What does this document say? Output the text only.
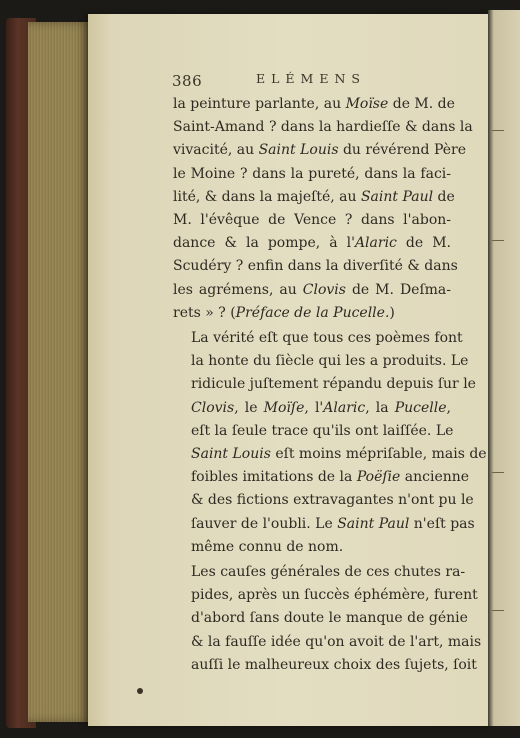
386	ELÉMENS

la peinture parlante, au Moïse de M. de
Saint-Amand ? dans la hardieſſe & dans la
vivacité, au Saint Louis du révérend Père
le Moine ? dans la pureté, dans la faci-
lité, & dans la majeſté, au Saint Paul de
M. l'évêque de Vence ? dans l'abon-
dance & la pompe, à l'Alaric de M.
Scudéry ? enfin dans la diverſité & dans
les agrémens, au Clovis de M. Deſma-
rets » ? (Préface de la Pucelle.)

La vérité eſt que tous ces poèmes font
la honte du ſiècle qui les a produits. Le
ridicule juſtement répandu depuis ſur le
Clovis, le Moïſe, l'Alaric, la Pucelle,
eſt la ſeule trace qu'ils ont laiſſée. Le
Saint Louis eſt moins mépriſable, mais de
foibles imitations de la Poëſie ancienne
& des fictions extravagantes n'ont pu le
ſauver de l'oubli. Le Saint Paul n'eſt pas
même connu de nom.

Les cauſes générales de ces chutes ra-
pides, après un ſuccès éphémère, furent
d'abord ſans doute le manque de génie
& la fauſſe idée qu'on avoit de l'art, mais
auſſi le malheureux choix des ſujets, ſoit
